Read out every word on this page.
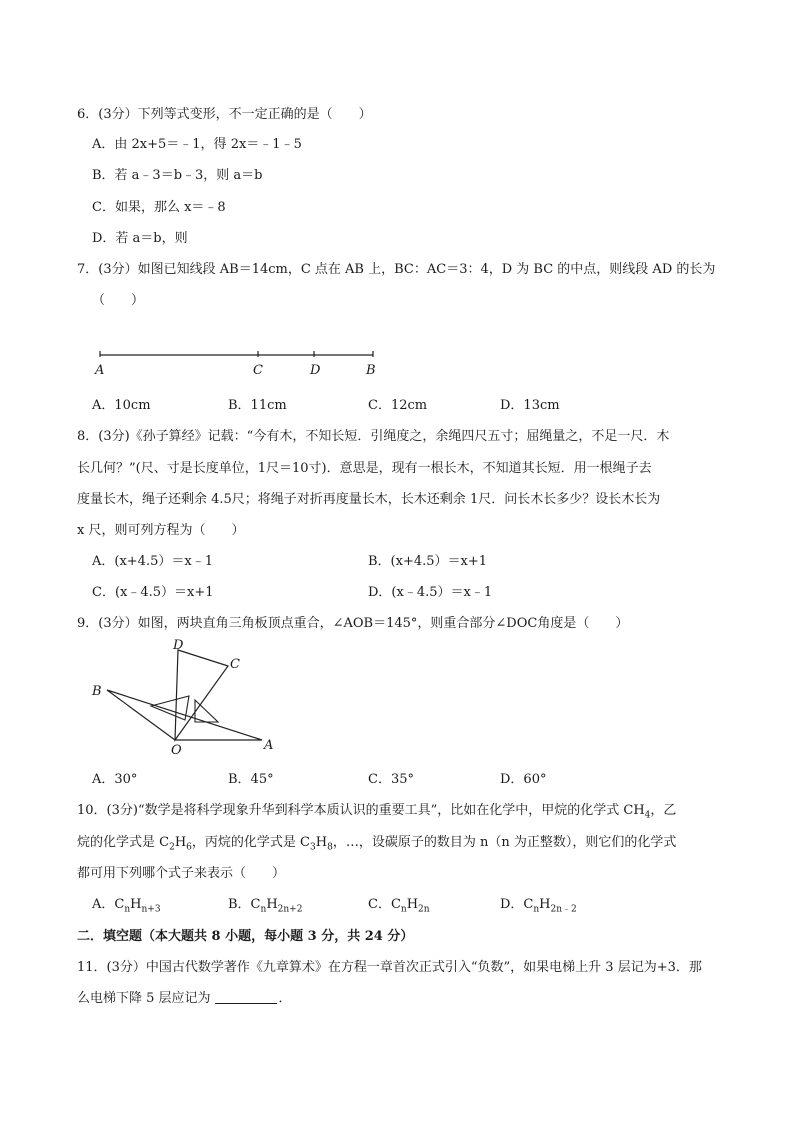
6．(3分）下列等式变形，不一定正确的是（　　）
A．由 2x+5＝﹣1，得 2x＝﹣1﹣5
B．若 a﹣3＝b﹣3，则 a＝b
C．如果，那么 x＝﹣8
D．若 a＝b，则
7．(3分）如图已知线段 AB＝14cm，C 点在 AB 上，BC：AC＝3：4，D 为 BC 的中点，则线段 AD 的长为
（　　）
A	C	D	B
A．10cm	B．11cm	C．12cm	D．13cm
8．(3分)《孙子算经》记载：“今有木，不知长短．引绳度之，余绳四尺五寸；屈绳量之，不足一尺．木
长几何？”(尺、寸是长度单位，1尺＝10寸)．意思是，现有一根长木，不知道其长短．用一根绳子去
度量长木，绳子还剩余 4.5尺；将绳子对折再度量长木，长木还剩余 1尺．问长木长多少？设长木长为
x 尺，则可列方程为（　　）
A．(x+4.5）＝x﹣1	B．(x+4.5）＝x+1
C．(x﹣4.5）＝x+1	D．(x﹣4.5）＝x﹣1
9．(3分）如图，两块直角三角板顶点重合，∠AOB＝145°，则重合部分∠DOC角度是（　　）
D
C
B
O	A
A．30°	B．45°	C．35°	D．60°
10．(3分)“数学是将科学现象升华到科学本质认识的重要工具”，比如在化学中，甲烷的化学式 $CH_4$，乙
烷的化学式是 $C_2H_6$，丙烷的化学式是 $C_3H_8$，…，设碳原子的数目为 n（n 为正整数），则它们的化学式
都可用下列哪个式子来表示（　　）
A．$C_nH_{n+3}$	B．$C_nH_{2n+2}$	C．$C_nH_{2n}$	D．$C_nH_{2n﹣2}$
二．填空题（本大题共 8 小题，每小题 3 分，共 24 分）
11．(3分）中国古代数学著作《九章算术》在方程一章首次正式引入“负数”，如果电梯上升 3 层记为+3．那
么电梯下降 5 层应记为	．
